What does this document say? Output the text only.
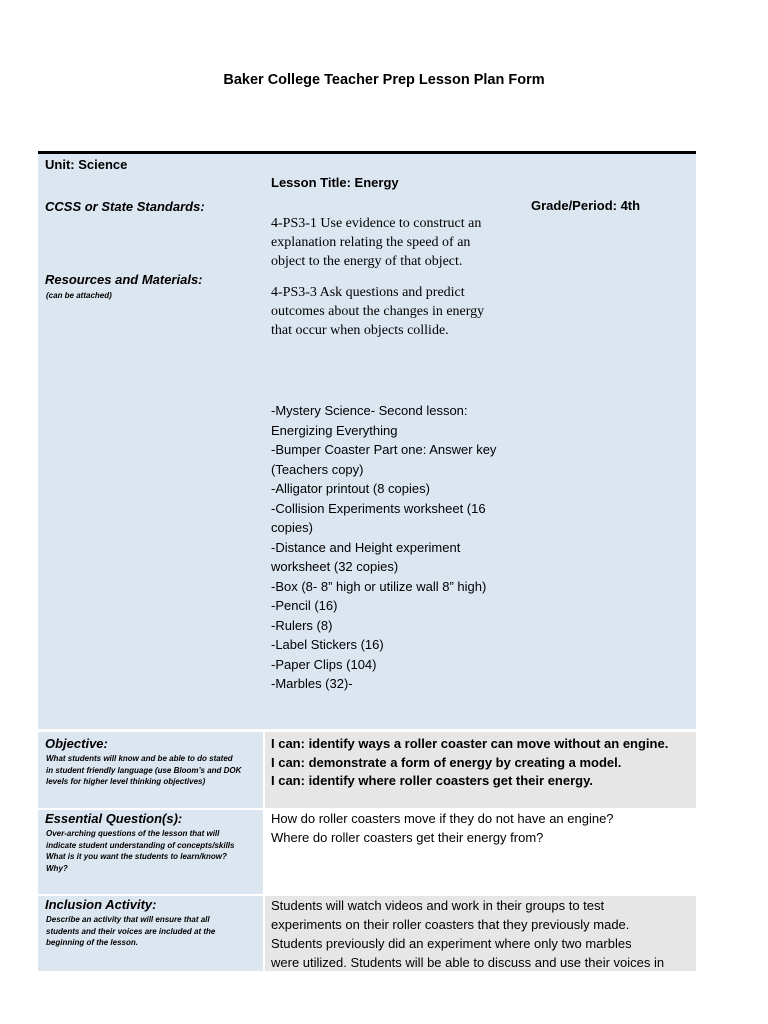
Baker College Teacher Prep Lesson Plan Form
Unit: Science
Lesson Title: Energy
Grade/Period: 4th
CCSS or State Standards:
4-PS3-1 Use evidence to construct an
explanation relating the speed of an
object to the energy of that object.
4-PS3-3 Ask questions and predict
outcomes about the changes in energy
that occur when objects collide.
Resources and Materials:
(can be attached)
-Mystery Science- Second lesson:
Energizing Everything
-Bumper Coaster Part one: Answer key
(Teachers copy)
-Alligator printout (8 copies)
-Collision Experiments worksheet (16
copies)
-Distance and Height experiment
worksheet (32 copies)
-Box (8- 8” high or utilize wall 8” high)
-Pencil (16)
-Rulers (8)
-Label Stickers (16)
-Paper Clips (104)
-Marbles (32)-
Objective:
What students will know and be able to do stated
in student friendly language (use Bloom’s and DOK
levels for higher level thinking objectives)
I can: identify ways a roller coaster can move without an engine.
I can: demonstrate a form of energy by creating a model.
I can: identify where roller coasters get their energy.
Essential Question(s):
Over-arching questions of the lesson that will
indicate student understanding of concepts/skills
What is it you want the students to learn/know?
Why?
How do roller coasters move if they do not have an engine?
Where do roller coasters get their energy from?
Inclusion Activity:
Describe an activity that will ensure that all
students and their voices are included at the
beginning of the lesson.
Students will watch videos and work in their groups to test
experiments on their roller coasters that they previously made.
Students previously did an experiment where only two marbles
were utilized. Students will be able to discuss and use their voices in
